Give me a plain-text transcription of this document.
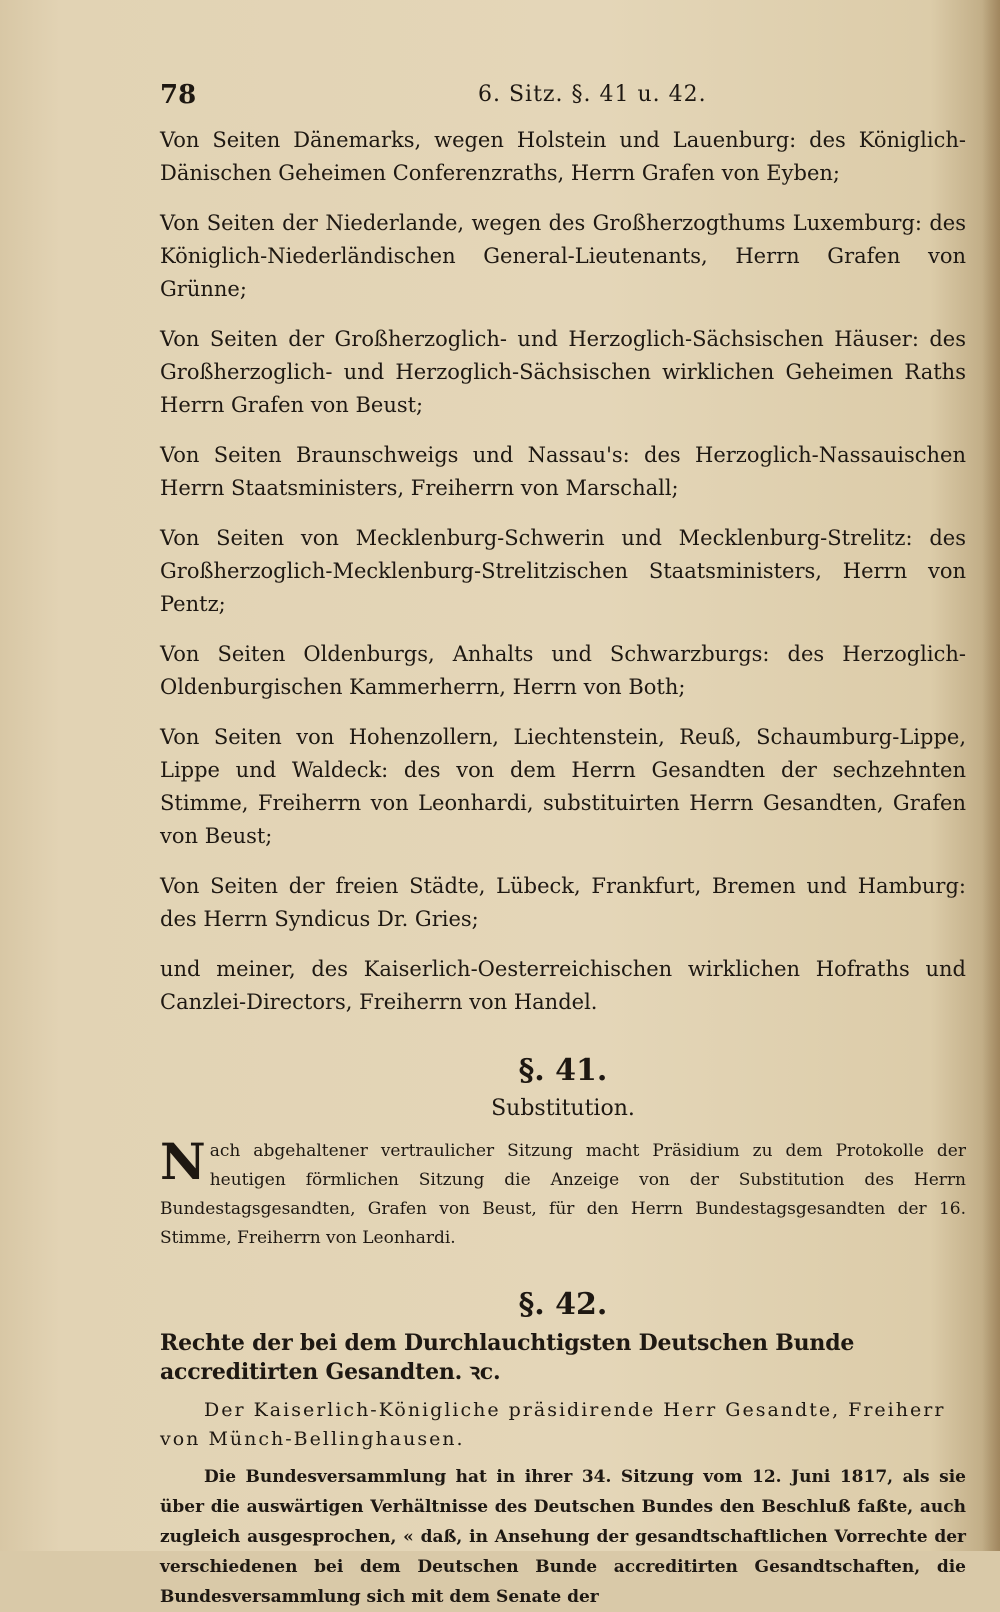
78	6. Sitz. §. 41 u. 42.

Von Seiten Dänemarks, wegen Holstein und Lauenburg: des Königlich-Dänischen Geheimen Conferenzraths, Herrn Grafen von Eyben;

Von Seiten der Niederlande, wegen des Großherzogthums Luxemburg: des Königlich-Niederländischen General-Lieutenants, Herrn Grafen von Grünne;

Von Seiten der Großherzoglich- und Herzoglich-Sächsischen Häuser: des Großherzoglich- und Herzoglich-Sächsischen wirklichen Geheimen Raths Herrn Grafen von Beust;

Von Seiten Braunschweigs und Nassau's: des Herzoglich-Nassauischen Herrn Staatsministers, Freiherrn von Marschall;

Von Seiten von Mecklenburg-Schwerin und Mecklenburg-Strelitz: des Großherzoglich-Mecklenburg-Strelitzischen Staatsministers, Herrn von Pentz;

Von Seiten Oldenburgs, Anhalts und Schwarzburgs: des Herzoglich-Oldenburgischen Kammerherrn, Herrn von Both;

Von Seiten von Hohenzollern, Liechtenstein, Reuß, Schaumburg-Lippe, Lippe und Waldeck: des von dem Herrn Gesandten der sechzehnten Stimme, Freiherrn von Leonhardi, substituirten Herrn Gesandten, Grafen von Beust;

Von Seiten der freien Städte, Lübeck, Frankfurt, Bremen und Hamburg: des Herrn Syndicus Dr. Gries;

und meiner, des Kaiserlich-Oesterreichischen wirklichen Hofraths und Canzlei-Directors, Freiherrn von Handel.

§. 41.
Substitution.

Nach abgehaltener vertraulicher Sitzung macht Präsidium zu dem Protokolle der heutigen förmlichen Sitzung die Anzeige von der Substitution des Herrn Bundestagsgesandten, Grafen von Beust, für den Herrn Bundestagsgesandten der 16. Stimme, Freiherrn von Leonhardi.

§. 42.
Rechte der bei dem Durchlauchtigsten Deutschen Bunde accreditirten Gesandten. ꝛc.

Der Kaiserlich-Königliche präsidirende Herr Gesandte, Freiherr von Münch-Bellinghausen.

Die Bundesversammlung hat in ihrer 34. Sitzung vom 12. Juni 1817, als sie über die auswärtigen Verhältnisse des Deutschen Bundes den Beschluß faßte, auch zugleich ausgesprochen, « daß, in Ansehung der gesandtschaftlichen Vorrechte der verschiedenen bei dem Deutschen Bunde accreditirten Gesandtschaften, die Bundesversammlung sich mit dem Senate der
